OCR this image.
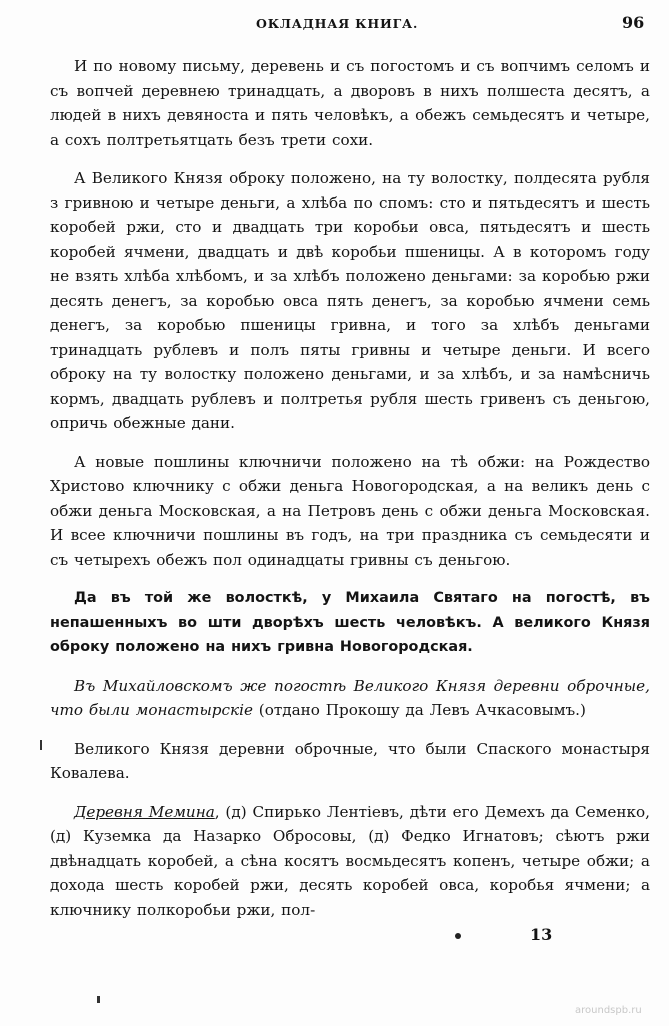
ОКЛАДНАЯ КНИГА.	96

И по новому письму, деревень и съ погостомъ и съ вопчимъ селомъ и съ вопчей деревнею тринадцать, а дворовъ в нихъ полшеста десятъ, а людей в нихъ девяноста и пять человѣкъ, а обежъ семьдесятъ и четыре, а сохъ полтретьятцать безъ трети сохи.

А Великого Князя оброку положено, на ту волостку, полдесята рубля з гривною и четыре деньги, а хлѣба по спомъ: сто и пятьдесятъ и шесть коробей ржи, сто и двадцать три коробьи овса, пятьдесятъ и шесть коробей ячмени, двадцать и двѣ коробьи пшеницы. А в которомъ году не взять хлѣба хлѣбомъ, и за хлѣбъ положено деньгами: за коробью ржи десять денегъ, за коробью овса пять денегъ, за коробью ячмени семь денегъ, за коробью пшеницы гривна, и того за хлѣбъ деньгами тринадцать рублевъ и полъ пяты гривны и четыре деньги. И всего оброку на ту волостку положено деньгами, и за хлѣбъ, и за намѣсничь кормъ, двадцать рублевъ и полтретья рубля шесть гривенъ съ деньгою, опричь обежные дани.

А новые пошлины ключничи положено на тѣ обжи: на Рождество Христово ключнику с обжи деньга Новогородская, а на великъ день с обжи деньга Московская, а на Петровъ день с обжи деньга Московская. И всее ключничи пошлины въ годъ, на три праздника съ семьдесяти и съ четырехъ обежъ пол одинадцаты гривны съ деньгою.

Да въ той же волосткѣ, у Михаила Святаго на погостѣ, въ непашенныхъ во шти дворѣхъ шесть человѣкъ. А великого Князя оброку положено на нихъ гривна Новогородская.

Въ Михайловскомъ же погостѣ Великого Князя деревни оброчные, что были монастырскіе (отдано Прокошу да Левъ Ачкасовымъ.)

Великого Князя деревни оброчные, что были Спаского монастыря Ковалева.

Деревня Мемина, (д) Спирько Лентіевъ, дѣти его Демехъ да Семенко, (д) Куземка да Назарко Обросовы, (д) Федко Игнатовъ; сѣютъ ржи двѣнадцать коробей, а сѣна косятъ восмьдесятъ копенъ, четыре обжи; а дохода шесть коробей ржи, десять коробей овса, коробья ячмени; а ключнику полкоробьи ржи, пол-

13
aroundspb.ru
